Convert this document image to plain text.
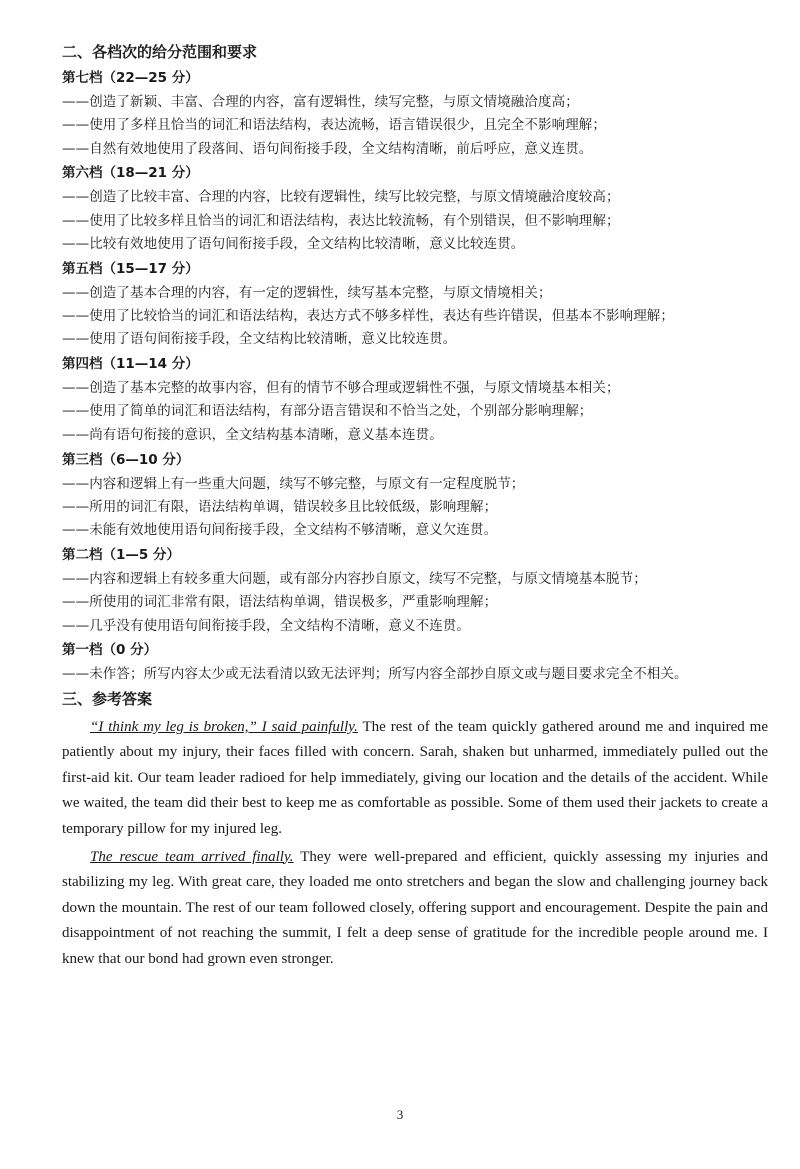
二、各档次的给分范围和要求
第七档（22—25 分）
——创造了新颖、丰富、合理的内容，富有逻辑性，续写完整，与原文情境融洽度高；
——使用了多样且恰当的词汇和语法结构，表达流畅，语言错误很少，且完全不影响理解；
——自然有效地使用了段落间、语句间衔接手段，全文结构清晰，前后呼应，意义连贯。
第六档（18—21 分）
——创造了比较丰富、合理的内容，比较有逻辑性，续写比较完整，与原文情境融洽度较高；
——使用了比较多样且恰当的词汇和语法结构，表达比较流畅，有个别错误，但不影响理解；
——比较有效地使用了语句间衔接手段，全文结构比较清晰，意义比较连贯。
第五档（15—17 分）
——创造了基本合理的内容，有一定的逻辑性，续写基本完整，与原文情境相关；
——使用了比较恰当的词汇和语法结构，表达方式不够多样性，表达有些许错误，但基本不影响理解；
——使用了语句间衔接手段，全文结构比较清晰，意义比较连贯。
第四档（11—14 分）
——创造了基本完整的故事内容，但有的情节不够合理或逻辑性不强，与原文情境基本相关；
——使用了简单的词汇和语法结构，有部分语言错误和不恰当之处，个别部分影响理解；
——尚有语句衔接的意识，全文结构基本清晰，意义基本连贯。
第三档（6—10 分）
——内容和逻辑上有一些重大问题，续写不够完整，与原文有一定程度脱节；
——所用的词汇有限，语法结构单调，错误较多且比较低级，影响理解；
——未能有效地使用语句间衔接手段，全文结构不够清晰，意义欠连贯。
第二档（1—5 分）
——内容和逻辑上有较多重大问题，或有部分内容抄自原文，续写不完整，与原文情境基本脱节；
——所使用的词汇非常有限，语法结构单调，错误极多，严重影响理解；
——几乎没有使用语句间衔接手段，全文结构不清晰，意义不连贯。
第一档（0 分）
——未作答；所写内容太少或无法看清以致无法评判；所写内容全部抄自原文或与题目要求完全不相关。
三、参考答案

“I think my leg is broken,” I said painfully. The rest of the team quickly gathered around me and inquired me patiently about my injury, their faces filled with concern. Sarah, shaken but unharmed, immediately pulled out the first-aid kit. Our team leader radioed for help immediately, giving our location and the details of the accident. While we waited, the team did their best to keep me as comfortable as possible. Some of them used their jackets to create a temporary pillow for my injured leg.

The rescue team arrived finally. They were well-prepared and efficient, quickly assessing my injuries and stabilizing my leg. With great care, they loaded me onto stretchers and began the slow and challenging journey back down the mountain. The rest of our team followed closely, offering support and encouragement. Despite the pain and disappointment of not reaching the summit, I felt a deep sense of gratitude for the incredible people around me. I knew that our bond had grown even stronger.

3
